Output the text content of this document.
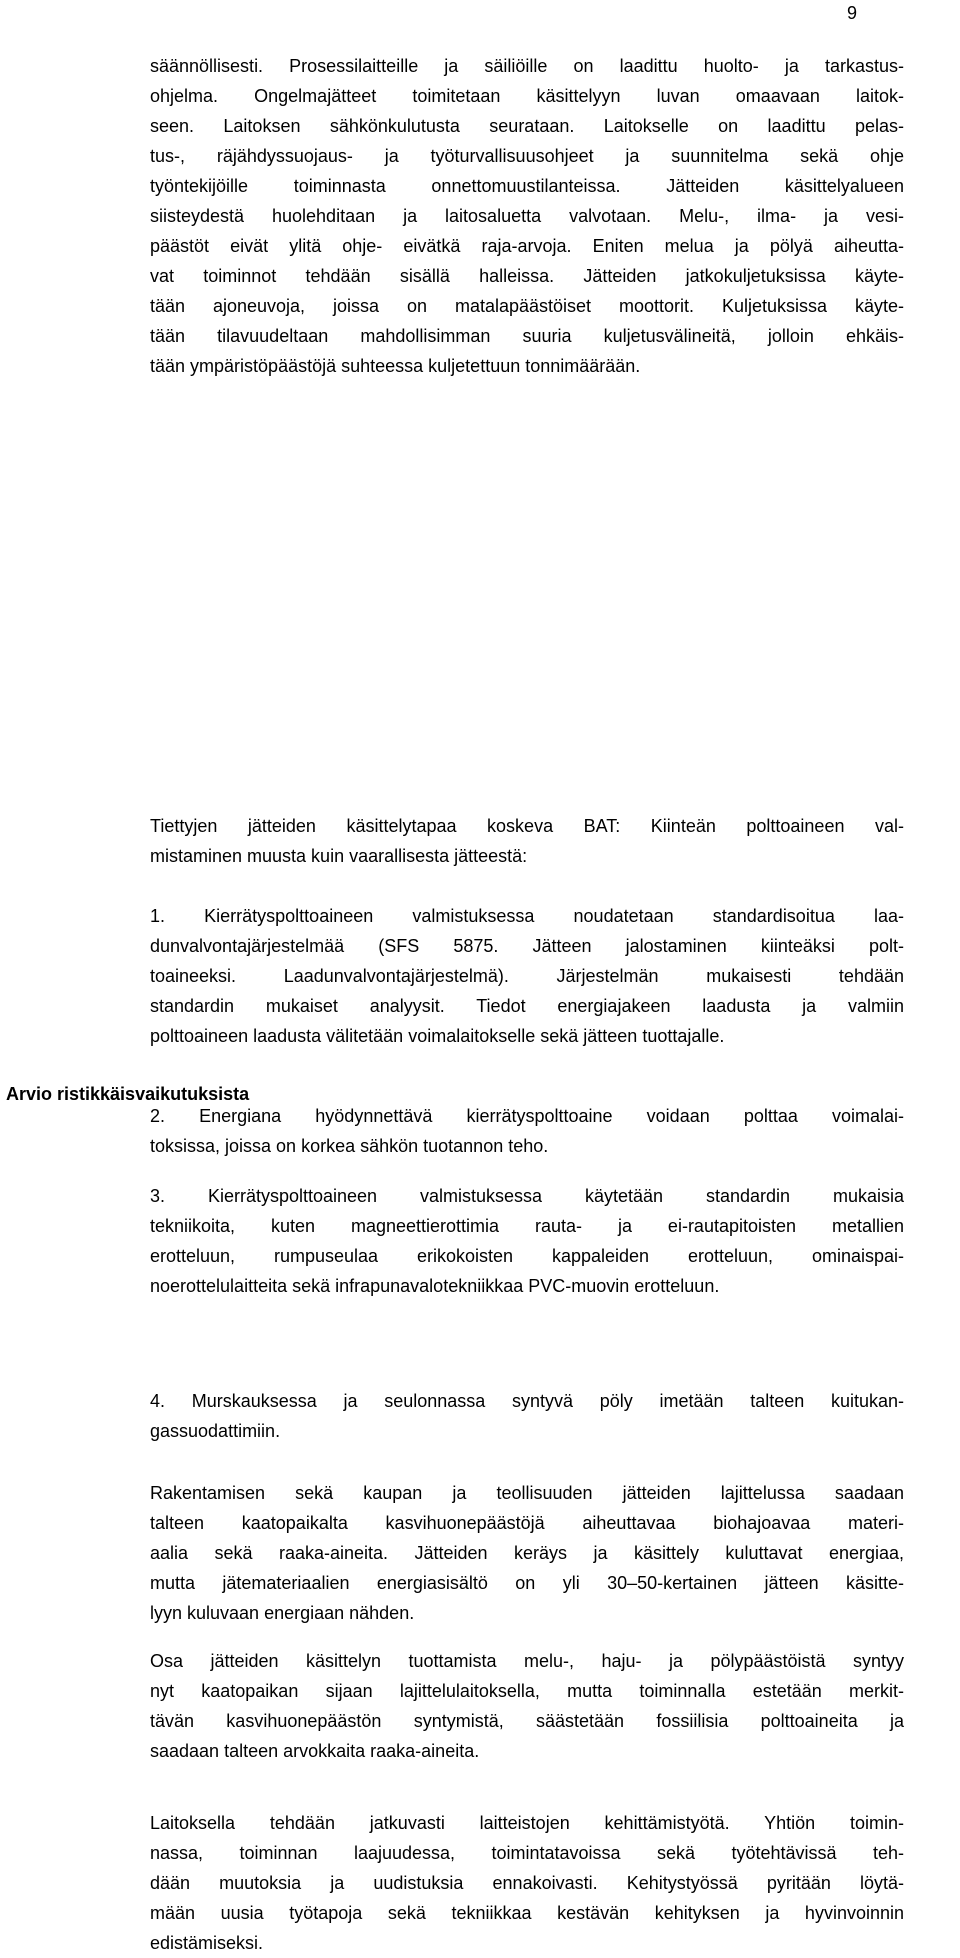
9
Arvio ristikkäisvaikutuksista
säännöllisesti. Prosessilaitteille ja säiliöille on laadittu huolto- ja tarkastus-
ohjelma. Ongelmajätteet toimitetaan käsittelyyn luvan omaavaan laitok-
seen. Laitoksen sähkönkulutusta seurataan. Laitokselle on laadittu pelas-
tus-, räjähdyssuojaus- ja työturvallisuusohjeet ja suunnitelma sekä ohje
työntekijöille toiminnasta onnettomuustilanteissa. Jätteiden käsittelyalueen
siisteydestä huolehditaan ja laitosaluetta valvotaan. Melu-, ilma- ja vesi-
päästöt eivät ylitä ohje- eivätkä raja-arvoja. Eniten melua ja pölyä aiheutta-
vat toiminnot tehdään sisällä halleissa. Jätteiden jatkokuljetuksissa käyte-
tään ajoneuvoja, joissa on matalapäästöiset moottorit. Kuljetuksissa käyte-
tään tilavuudeltaan mahdollisimman suuria kuljetusvälineitä, jolloin ehkäis-
tään ympäristöpäästöjä suhteessa kuljetettuun tonnimäärään.
Tiettyjen jätteiden käsittelytapaa koskeva BAT: Kiinteän polttoaineen val-
mistaminen muusta kuin vaarallisesta jätteestä:
1. Kierrätyspolttoaineen valmistuksessa noudatetaan standardisoitua laa-
dunvalvontajärjestelmää (SFS 5875. Jätteen jalostaminen kiinteäksi polt-
toaineeksi. Laadunvalvontajärjestelmä). Järjestelmän mukaisesti tehdään
standardin mukaiset analyysit. Tiedot energiajakeen laadusta ja valmiin
polttoaineen laadusta välitetään voimalaitokselle sekä jätteen tuottajalle.
2. Energiana hyödynnettävä kierrätyspolttoaine voidaan polttaa voimalai-
toksissa, joissa on korkea sähkön tuotannon teho.
3. Kierrätyspolttoaineen valmistuksessa käytetään standardin mukaisia
tekniikoita, kuten magneettierottimia rauta- ja ei-rautapitoisten metallien
erotteluun, rumpuseulaa erikokoisten kappaleiden erotteluun, ominaispai-
noerottelulaitteita sekä infrapunavalotekniikkaa PVC-muovin erotteluun.
4. Murskauksessa ja seulonnassa syntyvä pöly imetään talteen kuitukan-
gassuodattimiin.
Rakentamisen sekä kaupan ja teollisuuden jätteiden lajittelussa saadaan
talteen kaatopaikalta kasvihuonepäästöjä aiheuttavaa biohajoavaa materi-
aalia sekä raaka-aineita. Jätteiden keräys ja käsittely kuluttavat energiaa,
mutta jätemateriaalien energiasisältö on yli 30–50-kertainen jätteen käsitte-
lyyn kuluvaan energiaan nähden.
Osa jätteiden käsittelyn tuottamista melu-, haju- ja pölypäästöistä syntyy
nyt kaatopaikan sijaan lajittelulaitoksella, mutta toiminnalla estetään merkit-
tävän kasvihuonepäästön syntymistä, säästetään fossiilisia polttoaineita ja
saadaan talteen arvokkaita raaka-aineita.
Laitoksella tehdään jatkuvasti laitteistojen kehittämistyötä. Yhtiön toimin-
nassa, toiminnan laajuudessa, toimintatavoissa sekä työtehtävissä teh-
dään muutoksia ja uudistuksia ennakoivasti. Kehitystyössä pyritään löytä-
mään uusia työtapoja sekä tekniikkaa kestävän kehityksen ja hyvinvoinnin
edistämiseksi.
